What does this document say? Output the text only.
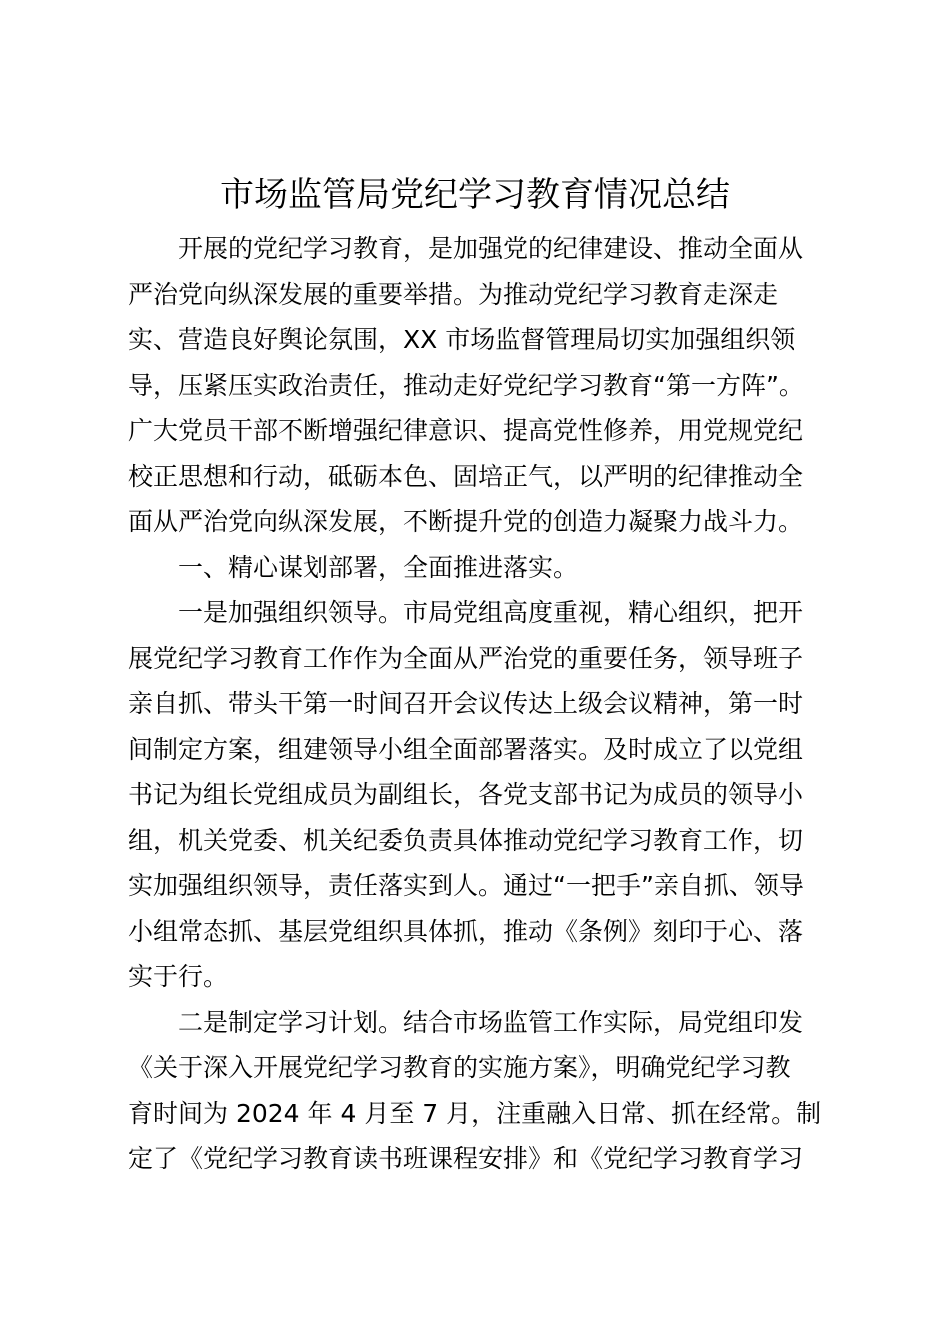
市场监管局党纪学习教育情况总结

开展的党纪学习教育，是加强党的纪律建设、推动全面从
严治党向纵深发展的重要举措。为推动党纪学习教育走深走
实、营造良好舆论氛围，XX 市场监督管理局切实加强组织领
导，压紧压实政治责任，推动走好党纪学习教育“第一方阵”。
广大党员干部不断增强纪律意识、提高党性修养，用党规党纪
校正思想和行动，砥砺本色、固培正气，以严明的纪律推动全
面从严治党向纵深发展，不断提升党的创造力凝聚力战斗力。

一、精心谋划部署，全面推进落实。

一是加强组织领导。市局党组高度重视，精心组织，把开
展党纪学习教育工作作为全面从严治党的重要任务，领导班子
亲自抓、带头干第一时间召开会议传达上级会议精神，第一时
间制定方案，组建领导小组全面部署落实。及时成立了以党组
书记为组长党组成员为副组长，各党支部书记为成员的领导小
组，机关党委、机关纪委负责具体推动党纪学习教育工作，切
实加强组织领导，责任落实到人。通过“一把手”亲自抓、领导
小组常态抓、基层党组织具体抓，推动《条例》刻印于心、落
实于行。

二是制定学习计划。结合市场监管工作实际，局党组印发
《关于深入开展党纪学习教育的实施方案》，明确党纪学习教
育时间为 2024 年 4 月至 7 月，注重融入日常、抓在经常。制
定了《党纪学习教育读书班课程安排》和《党纪学习教育学习
